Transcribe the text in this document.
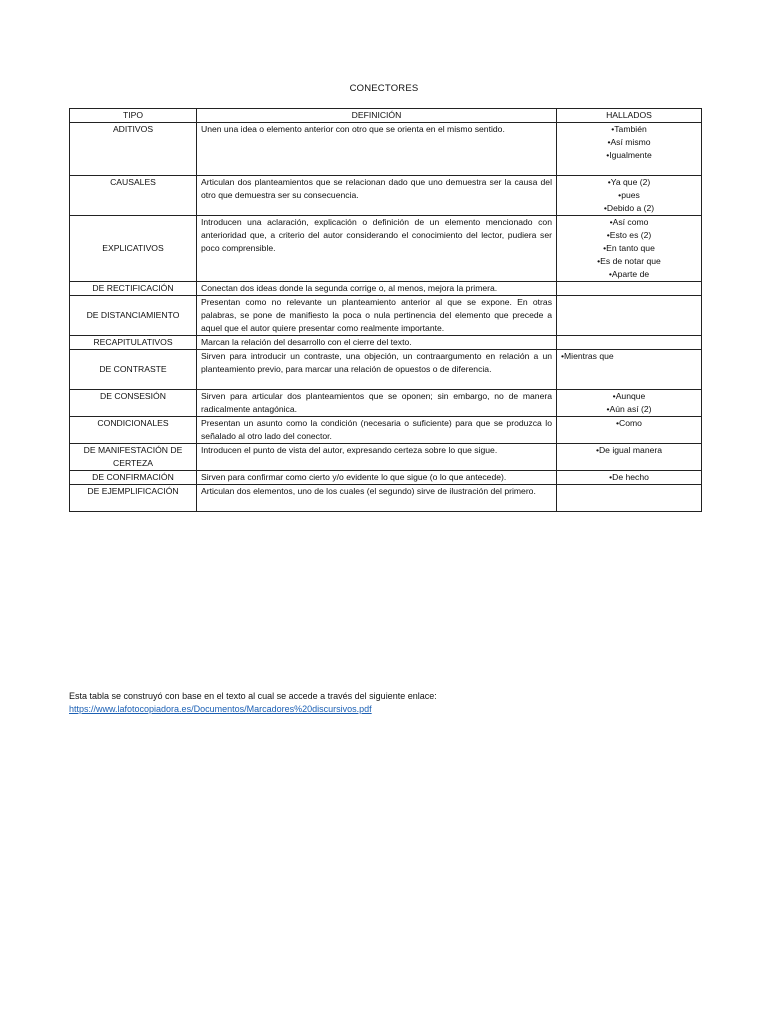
CONECTORES
TIPO	DEFINICIÓN	HALLADOS
ADITIVOS	Unen una idea o elemento anterior con otro que se orienta en el mismo sentido.	• También
• Así mismo
• Igualmente

CAUSALES	Articulan dos planteamientos que se relacionan dado que uno demuestra ser la causa del otro que demuestra ser su consecuencia.	• Ya que (2)
• pues
• Debido a (2)

EXPLICATIVOS	Introducen una aclaración, explicación o definición de un elemento mencionado con anterioridad que, a criterio del autor considerando el conocimiento del lector, pudiera ser poco comprensible.	• Así como
• Esto es (2)
• En tanto que
• Es de notar que
• Aparte de

DE RECTIFICACIÓN	Conectan dos ideas donde la segunda corrige o, al menos, mejora la primera.	
DE DISTANCIAMIENTO	Presentan como no relevante un planteamiento anterior al que se expone. En otras palabras, se pone de manifiesto la poca o nula pertinencia del elemento que precede a aquel que el autor quiere presentar como realmente importante.	
RECAPITULATIVOS	Marcan la relación del desarrollo con el cierre del texto.	
DE CONTRASTE	Sirven para introducir un contraste, una objeción, un contraargumento en relación a un planteamiento previo, para marcar una relación de opuestos o de diferencia.	• Mientras que

DE CONSESIÓN	Sirven para articular dos planteamientos que se oponen; sin embargo, no de manera radicalmente antagónica.	• Aunque
• Aún así (2)

CONDICIONALES	Presentan un asunto como la condición (necesaria o suficiente) para que se produzca lo señalado al otro lado del conector.	• Como

DE MANIFESTACIÓN DE CERTEZA	Introducen el punto de vista del autor, expresando certeza sobre lo que sigue.	• De igual manera

DE CONFIRMACIÓN	Sirven para confirmar como cierto y/o evidente lo que sigue (o lo que antecede).	• De hecho

DE EJEMPLIFICACIÓN	Articulan dos elementos, uno de los cuales (el segundo) sirve de ilustración del primero.	
Esta tabla se construyó con base en el texto al cual se accede a través del siguiente enlace:
https://www.lafotocopiadora.es/Documentos/Marcadores%20discursivos.pdf
